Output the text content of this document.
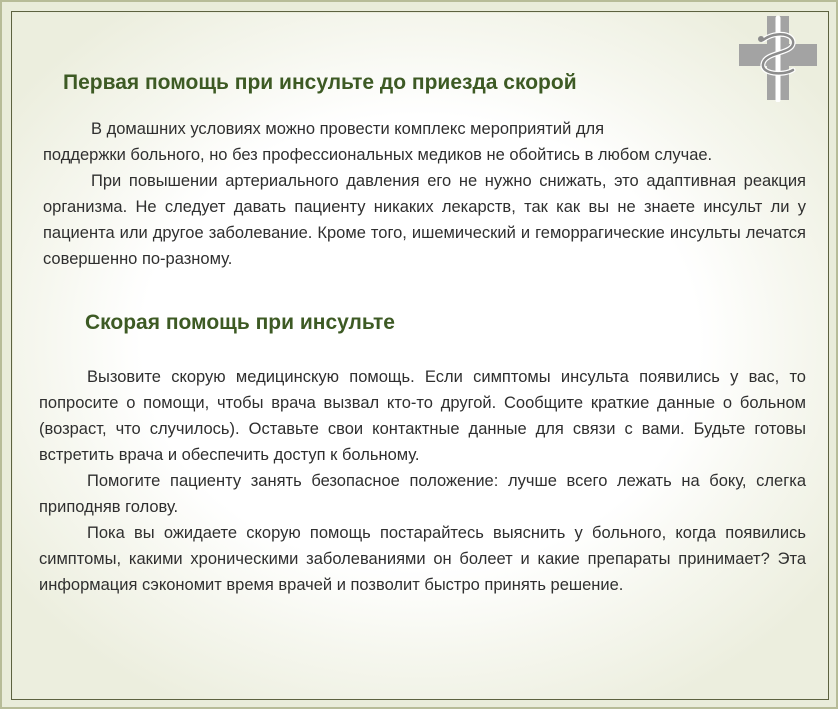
Первая помощь при инсульте до приезда скорой
В домашних условиях можно провести комплекс мероприятий для
поддержки больного, но без профессиональных медиков не обойтись в любом случае.

При повышении артериального давления его не нужно снижать, это адаптивная реакция организма. Не следует давать пациенту никаких лекарств, так как вы не знаете инсульт ли у пациента или другое заболевание. Кроме того, ишемический и геморрагические инсульты лечатся совершенно по-разному.

Скорая помощь при инсульте

Вызовите скорую медицинскую помощь. Если симптомы инсульта появились у вас, то попросите о помощи, чтобы врача вызвал кто-то другой. Сообщите краткие данные о больном (возраст, что случилось). Оставьте свои контактные данные для связи с вами. Будьте готовы встретить врача и обеспечить доступ к больному.

Помогите пациенту занять безопасное положение: лучше всего лежать на боку, слегка приподняв голову.

Пока вы ожидаете скорую помощь постарайтесь выяснить у больного, когда появились симптомы, какими хроническими заболеваниями он болеет и какие препараты принимает? Эта информация сэкономит время врачей и позволит быстро принять решение.
